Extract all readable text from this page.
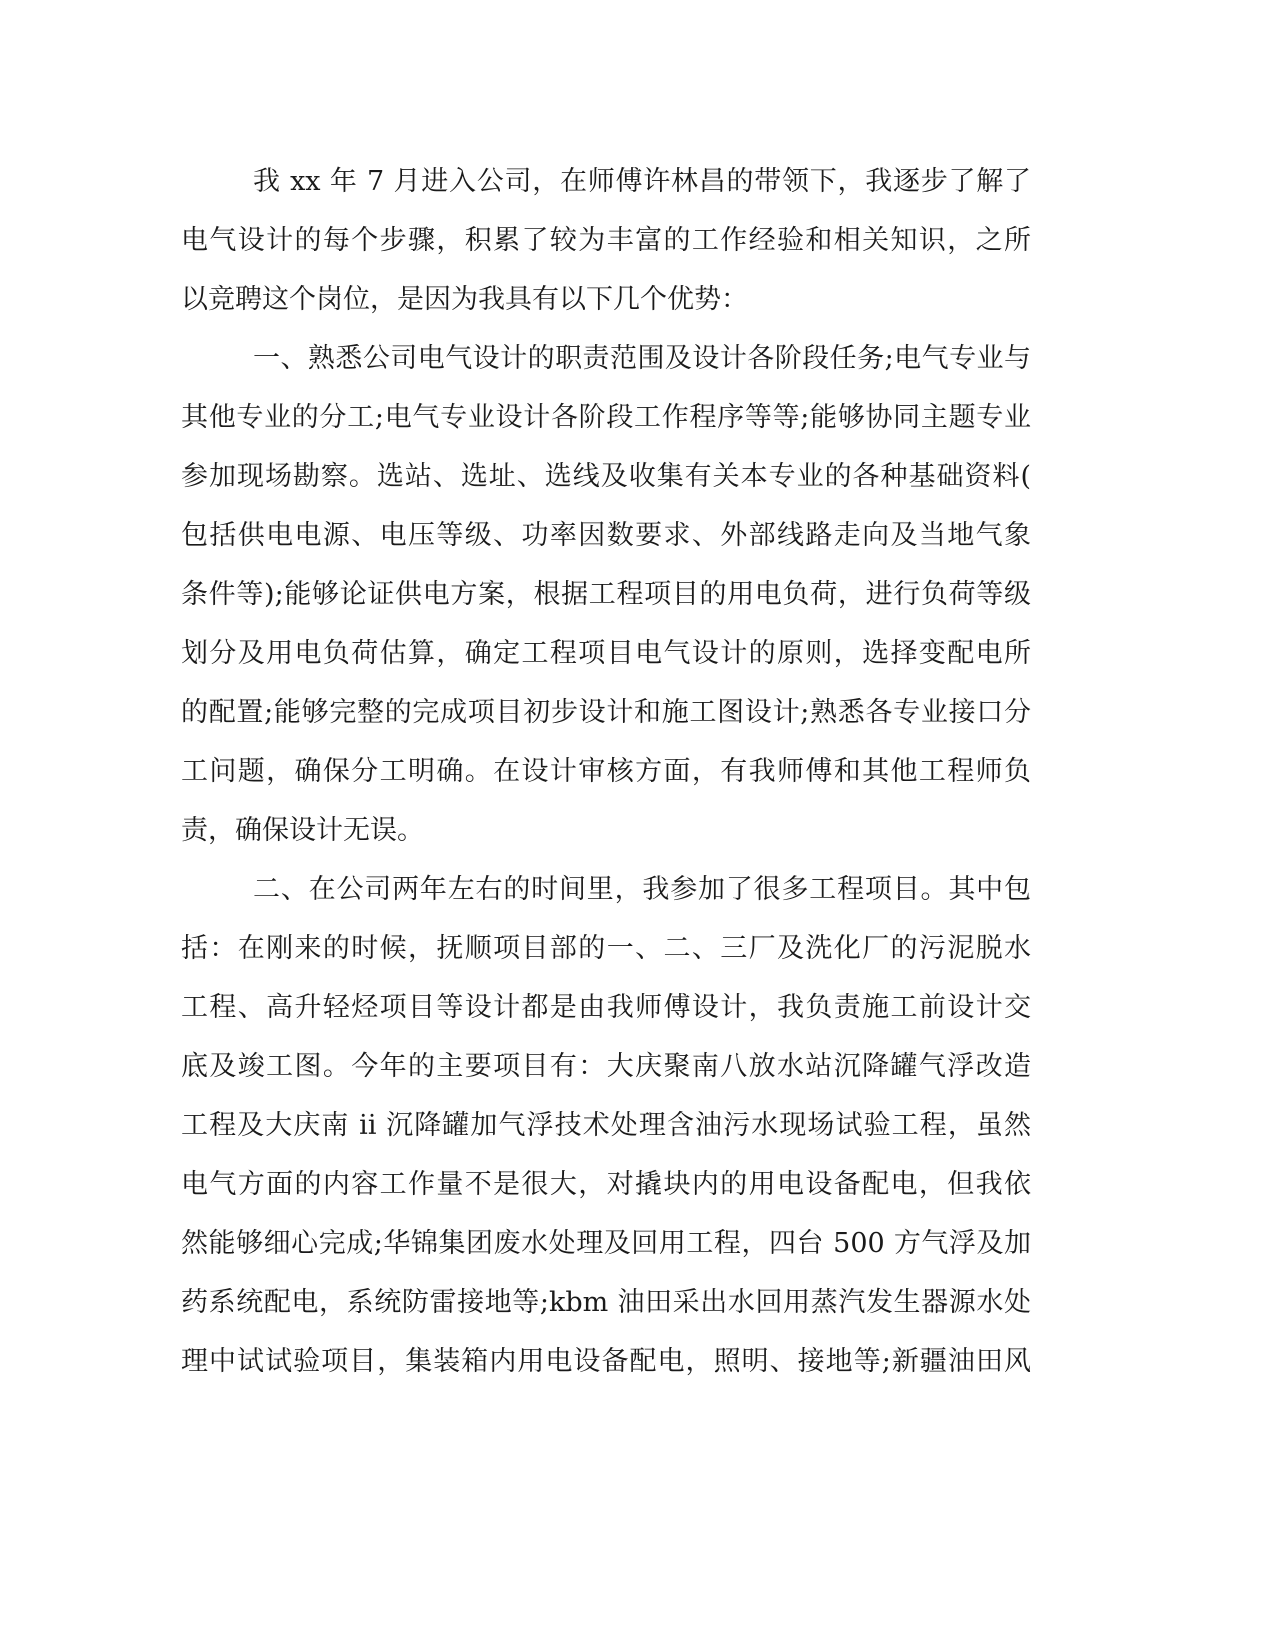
我 xx 年 7 月进入公司，在师傅许林昌的带领下，我逐步了解了
电气设计的每个步骤，积累了较为丰富的工作经验和相关知识，之所
以竞聘这个岗位，是因为我具有以下几个优势：
一、熟悉公司电气设计的职责范围及设计各阶段任务;电气专业与
其他专业的分工;电气专业设计各阶段工作程序等等;能够协同主题专业
参加现场勘察。选站、选址、选线及收集有关本专业的各种基础资料(
包括供电电源、电压等级、功率因数要求、外部线路走向及当地气象
条件等);能够论证供电方案，根据工程项目的用电负荷，进行负荷等级
划分及用电负荷估算，确定工程项目电气设计的原则，选择变配电所
的配置;能够完整的完成项目初步设计和施工图设计;熟悉各专业接口分
工问题，确保分工明确。在设计审核方面，有我师傅和其他工程师负
责，确保设计无误。
二、在公司两年左右的时间里，我参加了很多工程项目。其中包
括：在刚来的时候，抚顺项目部的一、二、三厂及洗化厂的污泥脱水
工程、高升轻烃项目等设计都是由我师傅设计，我负责施工前设计交
底及竣工图。今年的主要项目有：大庆聚南八放水站沉降罐气浮改造
工程及大庆南 ii 沉降罐加气浮技术处理含油污水现场试验工程，虽然
电气方面的内容工作量不是很大，对撬块内的用电设备配电，但我依
然能够细心完成;华锦集团废水处理及回用工程，四台 500 方气浮及加
药系统配电，系统防雷接地等;kbm 油田采出水回用蒸汽发生器源水处
理中试试验项目，集装箱内用电设备配电，照明、接地等;新疆油田风
